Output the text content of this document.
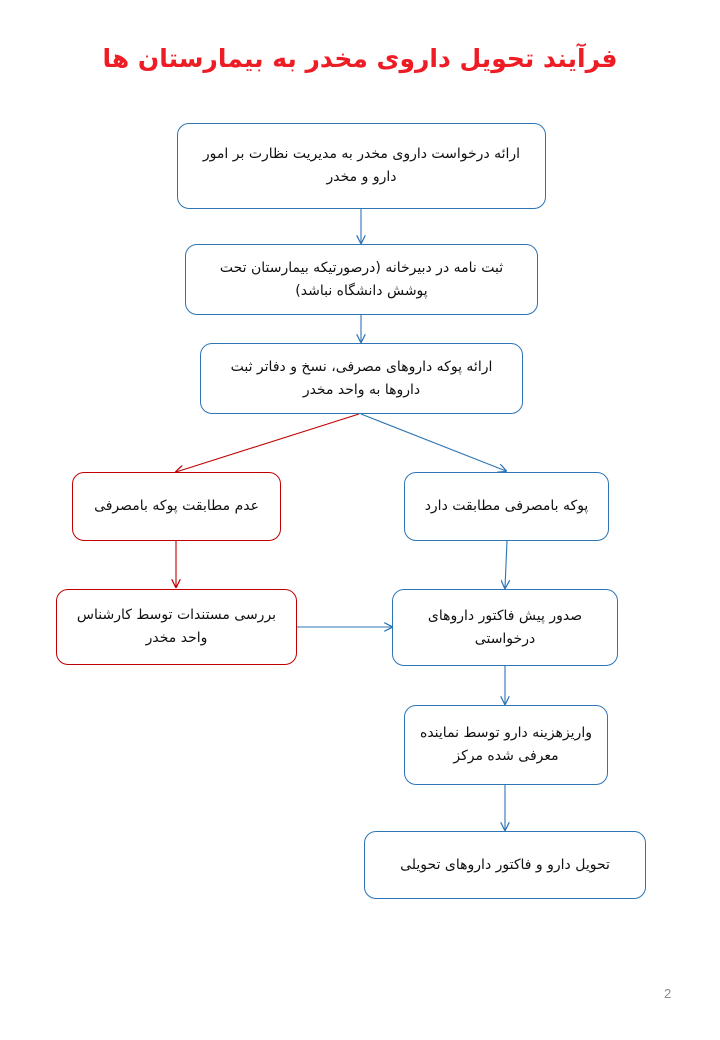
فرآیند تحویل داروی مخدر به بیمارستان ها
ارائه درخواست داروی مخدر به مدیریت نظارت بر امور دارو و مخدر
ثبت نامه در دبیرخانه (درصورتیکه بیمارستان تحت پوشش دانشگاه نباشد)
ارائه پوکه داروهای مصرفی، نسخ و دفاتر ثبت داروها به واحد مخدر
پوکه بامصرفی مطابقت دارد
عدم مطابقت پوکه بامصرفی
بررسی مستندات توسط کارشناس واحد مخدر
صدور پیش فاکتور داروهای درخواستی
واریزهزینه دارو توسط نماینده معرفی شده مرکز
تحویل دارو و فاکتور داروهای تحویلی
2
